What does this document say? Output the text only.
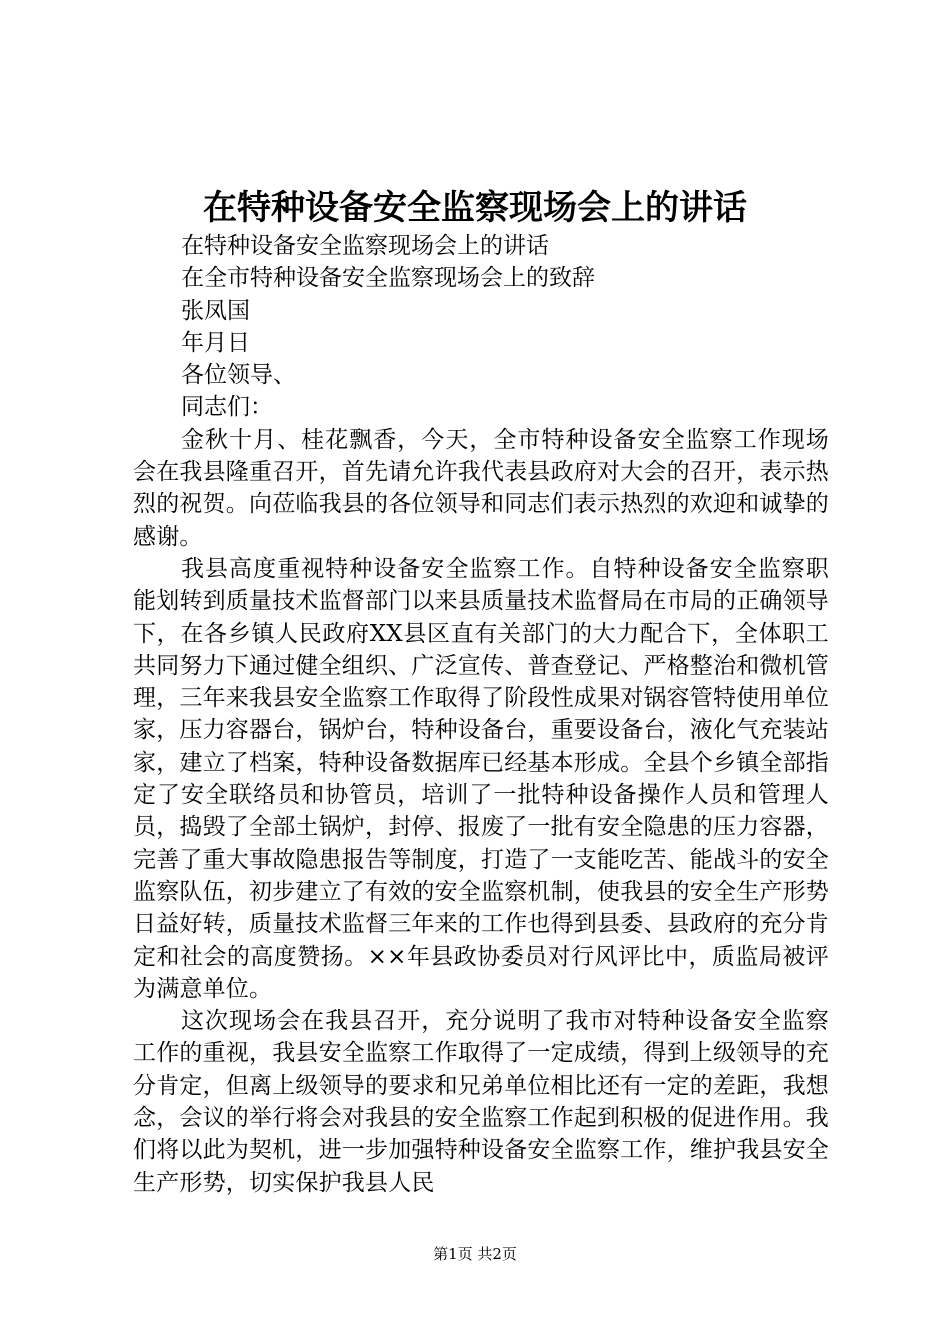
在特种设备安全监察现场会上的讲话
在特种设备安全监察现场会上的讲话
在全市特种设备安全监察现场会上的致辞
张凤国
年月日
各位领导、
同志们：

金秋十月、桂花飘香，今天，全市特种设备安全监察工作现场会在我县隆重召开，首先请允许我代表县政府对大会的召开，表示热烈的祝贺。向莅临我县的各位领导和同志们表示热烈的欢迎和诚挚的感谢。

我县高度重视特种设备安全监察工作。自特种设备安全监察职能划转到质量技术监督部门以来县质量技术监督局在市局的正确领导下，在各乡镇人民政府XX县区直有关部门的大力配合下，全体职工共同努力下通过健全组织、广泛宣传、普查登记、严格整治和微机管理，三年来我县安全监察工作取得了阶段性成果对锅容管特使用单位家，压力容器台，锅炉台，特种设备台，重要设备台，液化气充装站家，建立了档案，特种设备数据库已经基本形成。全县个乡镇全部指定了安全联络员和协管员，培训了一批特种设备操作人员和管理人员，捣毁了全部土锅炉，封停、报废了一批有安全隐患的压力容器，完善了重大事故隐患报告等制度，打造了一支能吃苦、能战斗的安全监察队伍，初步建立了有效的安全监察机制，使我县的安全生产形势日益好转，质量技术监督三年来的工作也得到县委、县政府的充分肯定和社会的高度赞扬。××年县政协委员对行风评比中，质监局被评为满意单位。

这次现场会在我县召开，充分说明了我市对特种设备安全监察工作的重视，我县安全监察工作取得了一定成绩，得到上级领导的充分肯定，但离上级领导的要求和兄弟单位相比还有一定的差距，我想念，会议的举行将会对我县的安全监察工作起到积极的促进作用。我们将以此为契机，进一步加强特种设备安全监察工作，维护我县安全生产形势，切实保护我县人民

第1页 共2页
